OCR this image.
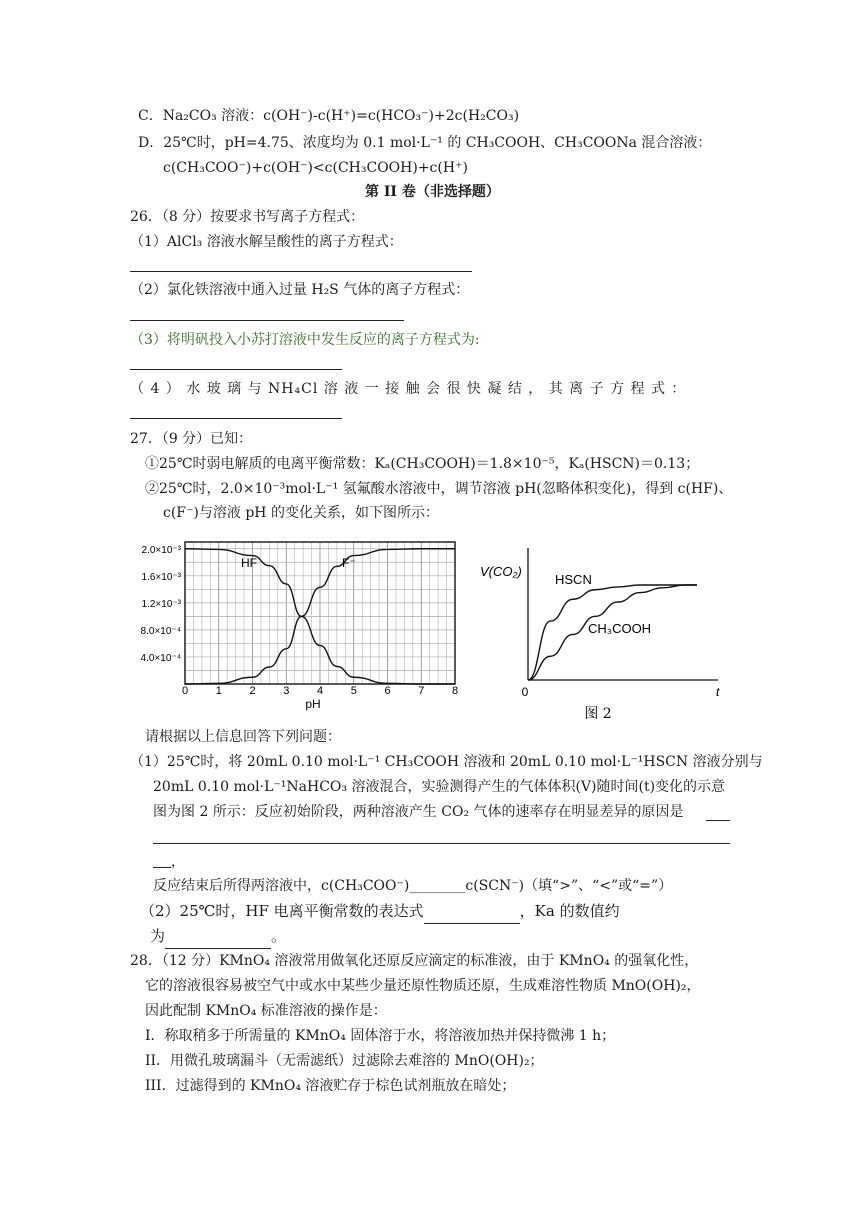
C．Na₂CO₃ 溶液：c(OH⁻)-c(H⁺)=c(HCO₃⁻)+2c(H₂CO₃)
D．25℃时，pH=4.75、浓度均为 0.1 mol·L⁻¹ 的 CH₃COOH、CH₃COONa 混合溶液：
c(CH₃COO⁻)+c(OH⁻)<c(CH₃COOH)+c(H⁺)
第 II 卷（非选择题）
26．（8 分）按要求书写离子方程式：
（1）AlCl₃ 溶液水解呈酸性的离子方程式：
（2）氯化铁溶液中通入过量 H₂S 气体的离子方程式：
（3）将明矾投入小苏打溶液中发生反应的离子方程式为:
（ 4 ） 水 玻 璃 与 NH₄Cl 溶 液 一 接 触 会 很 快 凝 结 ， 其 离 子 方 程 式 ：
27．（9 分）已知：
①25℃时弱电解质的电离平衡常数：Kₐ(CH₃COOH)＝1.8×10⁻⁵，Kₐ(HSCN)＝0.13；
②25℃时，2.0×10⁻³mol·L⁻¹ 氢氟酸水溶液中，调节溶液 pH(忽略体积变化)，得到 c(HF)、
c(F⁻)与溶液 pH 的变化关系，如下图所示：
2.0×10⁻³
1.6×10⁻³
1.2×10⁻³
8.0×10⁻⁴
4.0×10⁻⁴
0	1	2	3	4	5	6	7	8
HF	F⁻
pH
V(CO₂)
t
0
HSCN
CH₃COOH
图 2
请根据以上信息回答下列问题：
（1）25℃时，将 20mL 0.10 mol·L⁻¹ CH₃COOH 溶液和 20mL 0.10 mol·L⁻¹HSCN 溶液分别与
20mL 0.10 mol·L⁻¹NaHCO₃ 溶液混合，实验测得产生的气体体积(V)随时间(t)变化的示意
图为图 2 所示：反应初始阶段，两种溶液产生 CO₂ 气体的速率存在明显差异的原因是
，
反应结束后所得两溶液中，c(CH₃COO⁻)________c(SCN⁻)（填“>”、“<”或“=”）
（2）25℃时，HF 电离平衡常数的表达式	，Ka 的数值约
为	。
28．（12 分）KMnO₄ 溶液常用做氧化还原反应滴定的标准液，由于 KMnO₄ 的强氧化性，
它的溶液很容易被空气中或水中某些少量还原性物质还原，生成难溶性物质 MnO(OH)₂，
因此配制 KMnO₄ 标准溶液的操作是：
I．称取稍多于所需量的 KMnO₄ 固体溶于水，将溶液加热并保持微沸 1 h；
II．用微孔玻璃漏斗（无需滤纸）过滤除去难溶的 MnO(OH)₂；
III．过滤得到的 KMnO₄ 溶液贮存于棕色试剂瓶放在暗处；
